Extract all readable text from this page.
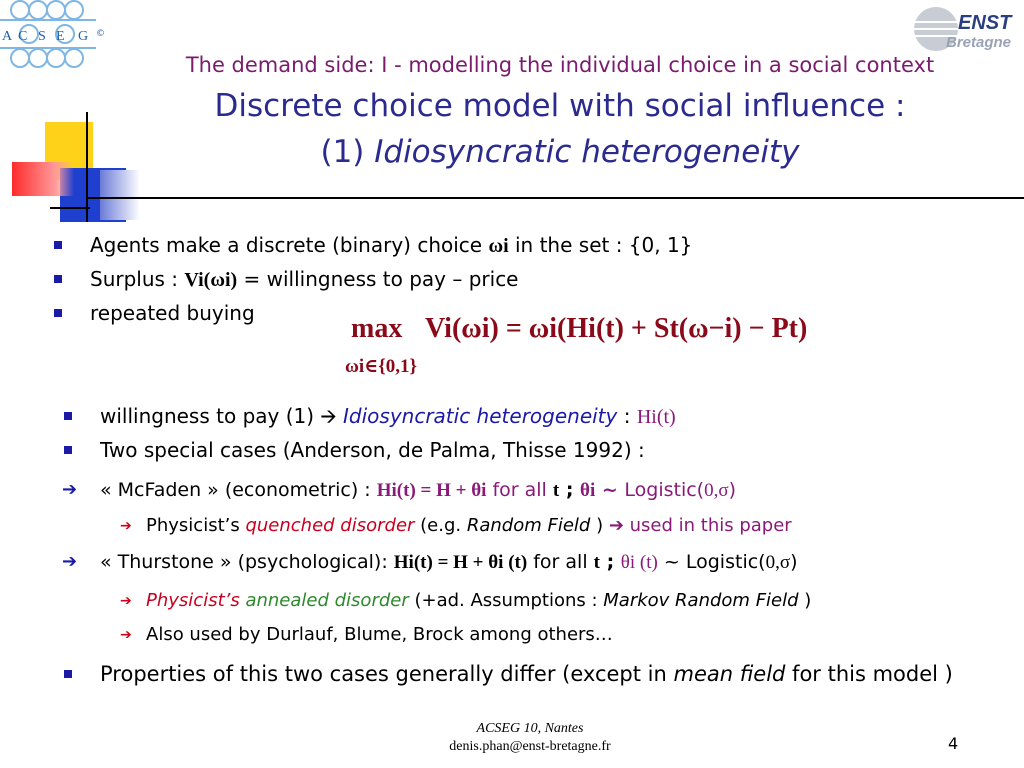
A C S E G ©	ENST
Bretagne
The demand side: I - modelling the individual choice in a social context
Discrete choice model with social influence :
(1) Idiosyncratic heterogeneity
Agents make a discrete (binary) choice ωi in the set : {0, 1}
Surplus : Vi(ωi) = willingness to pay – price
repeated buying	max Vi(ωi) = ωi(Hi(t) + St(ω−i) − Pt)
ωi∈{0,1}
willingness to pay (1) 🡪 Idiosyncratic heterogeneity : Hi(t)
Two special cases (Anderson, de Palma, Thisse 1992) :
➔ « McFaden » (econometric) : Hi(t) = H + θi for all t ; θi ~ Logistic(0,σ)
➔ Physicist’s quenched disorder (e.g. Random Field ) ➔ used in this paper
➔ « Thurstone » (psychological): Hi(t) = H + θi (t) for all t ; θi (t) ~ Logistic(0,σ)
➔ Physicist’s annealed disorder (+ad. Assumptions : Markov Random Field )
➔ Also used by Durlauf, Blume, Brock among others…
Properties of this two cases generally differ (except in mean field for this model )
ACSEG 10, Nantes
denis.phan@enst-bretagne.fr	4
